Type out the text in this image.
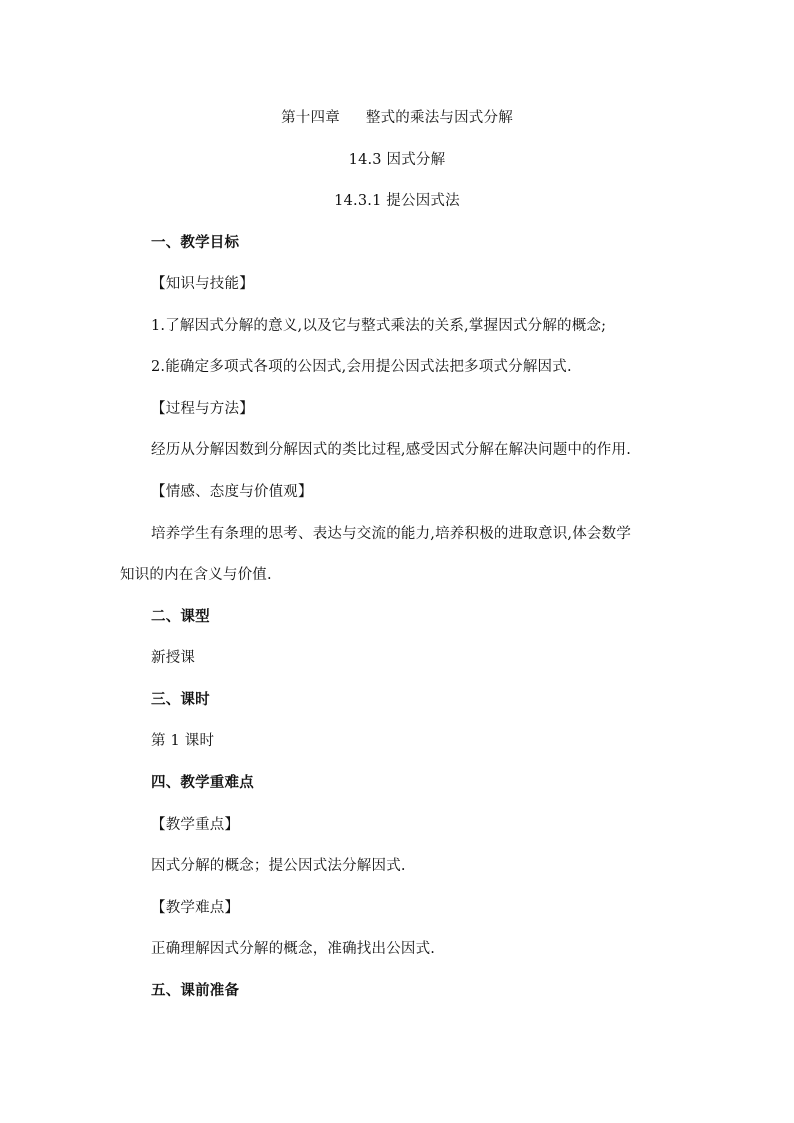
第十四章 整式的乘法与因式分解
14.3 因式分解
14.3.1 提公因式法
一、教学目标
【知识与技能】
1.了解因式分解的意义,以及它与整式乘法的关系,掌握因式分解的概念;
2.能确定多项式各项的公因式,会用提公因式法把多项式分解因式.
【过程与方法】
经历从分解因数到分解因式的类比过程,感受因式分解在解决问题中的作用.
【情感、态度与价值观】
培养学生有条理的思考、表达与交流的能力,培养积极的进取意识,体会数学
知识的内在含义与价值.
二、课型
新授课
三、课时
第 1 课时
四、教学重难点
【教学重点】
因式分解的概念；提公因式法分解因式.
【教学难点】
正确理解因式分解的概念，准确找出公因式.
五、课前准备
